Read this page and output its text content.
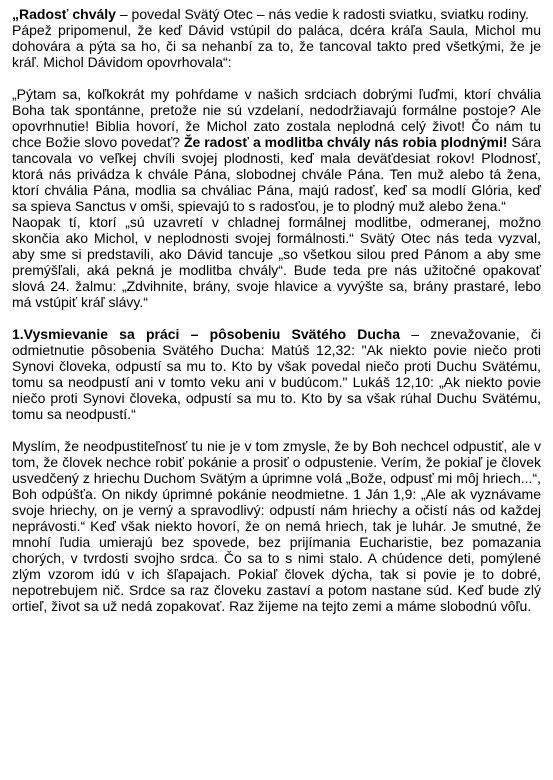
„Radosť chvály – povedal Svätý Otec – nás vedie k radosti sviatku, sviatku rodiny.

Pápež pripomenul, že keď Dávid vstúpil do paláca, dcéra kráľa Saula, Michol mu dohovára a pýta sa ho, či sa nehanbí za to, že tancoval takto pred všetkými, že je kráľ. Michol Dávidom opovrhovala“:

„Pýtam sa, koľkokrát my pohŕdame v našich srdciach dobrými ľuďmi, ktorí chvália Boha tak spontánne, pretože nie sú vzdelaní, nedodržiavajú formálne postoje? Ale opovrhnutie! Biblia hovorí, že Michol zato zostala neplodná celý život! Čo nám tu chce Božie slovo povedať? Že radosť a modlitba chvály nás robia plodnými! Sára tancovala vo veľkej chvíli svojej plodnosti, keď mala deväťdesiat rokov! Plodnosť, ktorá nás privádza k chvále Pána, slobodnej chvále Pána. Ten muž alebo tá žena, ktorí chvália Pána, modlia sa chváliac Pána, majú radosť, keď sa modlí Glória, keď sa spieva Sanctus v omši, spievajú to s radosťou, je to plodný muž alebo žena.“

Naopak tí, ktorí „sú uzavretí v chladnej formálnej modlitbe, odmeranej, možno skončia ako Michol, v neplodnosti svojej formálnosti.“ Svätý Otec nás teda vyzval, aby sme si predstavili, ako Dávid tancuje „so všetkou silou pred Pánom a aby sme premýšľali, aká pekná je modlitba chvály“. Bude teda pre nás užitočné opakovať slová 24. žalmu: „Zdvihnite, brány, svoje hlavice a vyvýšte sa, brány prastaré, lebo má vstúpiť kráľ slávy.“

1.Vysmievanie sa práci – pôsobeniu Svätého Ducha – znevažovanie, či odmietnutie pôsobenia Svätého Ducha: Matúš 12,32: "Ak niekto povie niečo proti Synovi človeka, odpustí sa mu to. Kto by však povedal niečo proti Duchu Svätému, tomu sa neodpustí ani v tomto veku ani v budúcom." Lukáš 12,10: „Ak niekto povie niečo proti Synovi človeka, odpustí sa mu to. Kto by sa však rúhal Duchu Svätému, tomu sa neodpustí.“

Myslím, že neodpustiteľnosť tu nie je v tom zmysle, že by Boh nechcel odpustiť, ale v tom, že človek nechce robiť pokánie a prosiť o odpustenie. Verím, že pokiaľ je človek usvedčený z hriechu Duchom Svätým a úprimne volá „Bože, odpusť mi môj hriech...“, Boh odpúšťa. On nikdy úprimné pokánie neodmietne. 1 Ján 1,9: „Ale ak vyznávame svoje hriechy, on je verný a spravodlivý: odpustí nám hriechy a očistí nás od každej neprávosti.“ Keď však niekto hovorí, že on nemá hriech, tak je luhár. Je smutné, že mnohí ľudia umierajú bez spovede, bez prijímania Eucharistie, bez pomazania chorých, v tvrdosti svojho srdca. Čo sa to s nimi stalo. A chúdence deti, pomýlené zlým vzorom idú v ich šľapajach. Pokiaľ človek dýcha, tak si povie je to dobré, nepotrebujem nič. Srdce sa raz človeku zastaví a potom nastane súd. Keď bude zlý ortieľ, život sa už nedá zopakovať. Raz žijeme na tejto zemi a máme slobodnú vôľu.
